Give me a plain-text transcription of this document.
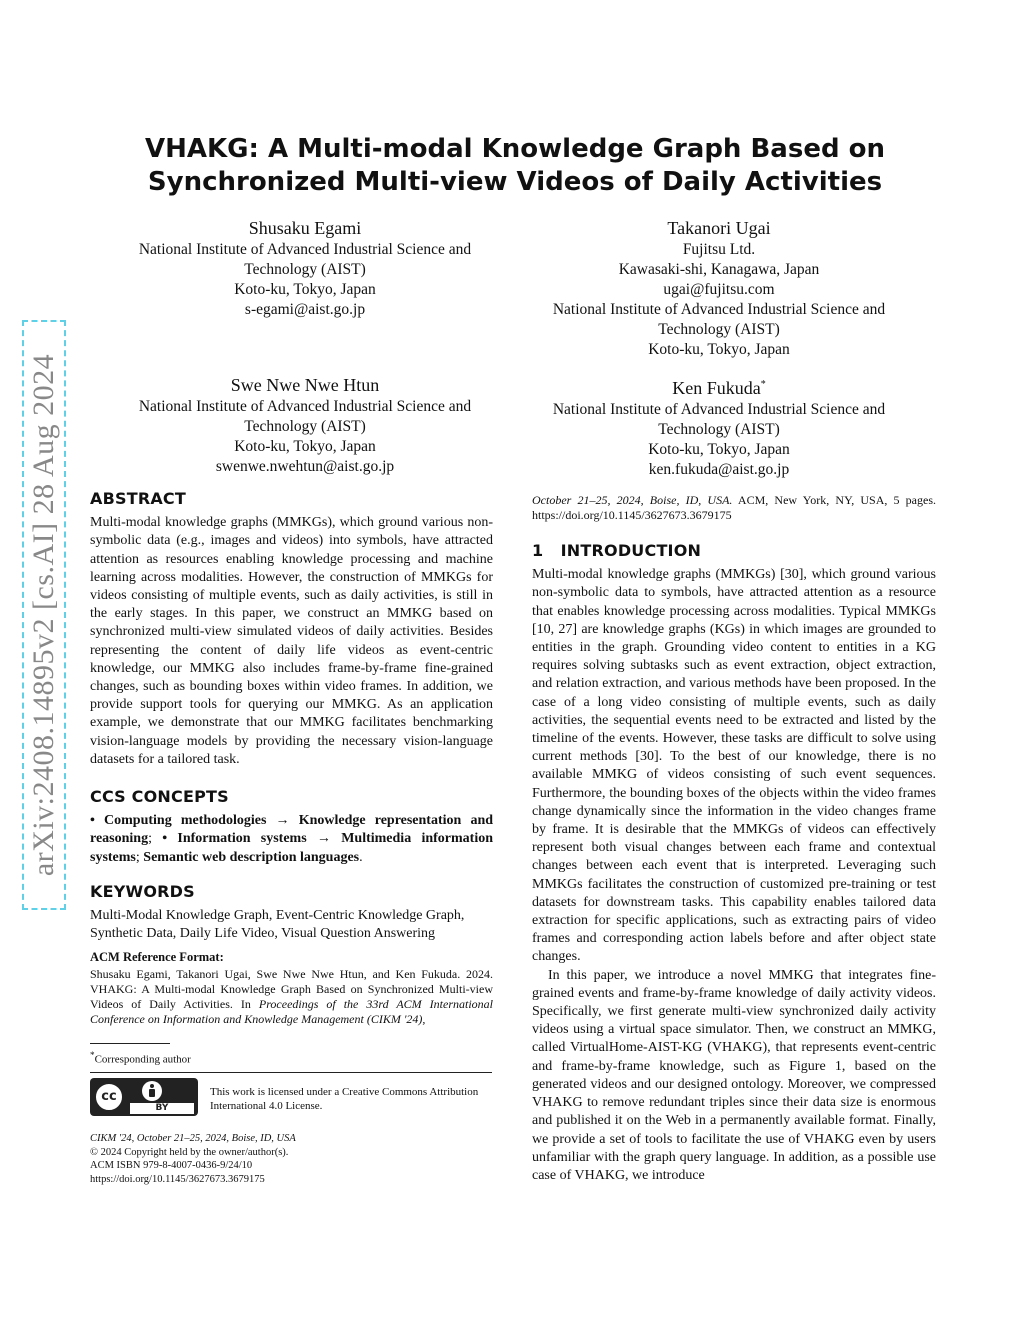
arXiv:2408.14895v2 [cs.AI] 28 Aug 2024
VHAKG: A Multi-modal Knowledge Graph Based on
Synchronized Multi-view Videos of Daily Activities
Shusaku Egami
National Institute of Advanced Industrial Science and
Technology (AIST)
Koto-ku, Tokyo, Japan
s-egami@aist.go.jp
Takanori Ugai
Fujitsu Ltd.
Kawasaki-shi, Kanagawa, Japan
ugai@fujitsu.com
National Institute of Advanced Industrial Science and
Technology (AIST)
Koto-ku, Tokyo, Japan
Swe Nwe Nwe Htun
National Institute of Advanced Industrial Science and
Technology (AIST)
Koto-ku, Tokyo, Japan
swenwe.nwehtun@aist.go.jp
Ken Fukuda*
National Institute of Advanced Industrial Science and
Technology (AIST)
Koto-ku, Tokyo, Japan
ken.fukuda@aist.go.jp
ABSTRACT

Multi-modal knowledge graphs (MMKGs), which ground various non-symbolic data (e.g., images and videos) into symbols, have attracted attention as resources enabling knowledge processing and machine learning across modalities. However, the construction of MMKGs for videos consisting of multiple events, such as daily activities, is still in the early stages. In this paper, we construct an MMKG based on synchronized multi-view simulated videos of daily activities. Besides representing the content of daily life videos as event-centric knowledge, our MMKG also includes frame-by-frame fine-grained changes, such as bounding boxes within video frames. In addition, we provide support tools for querying our MMKG. As an application example, we demonstrate that our MMKG facilitates benchmarking vision-language models by providing the necessary vision-language datasets for a tailored task.

CCS CONCEPTS

• Computing methodologies → Knowledge representation and reasoning; • Information systems → Multimedia information systems; Semantic web description languages.

KEYWORDS

Multi-Modal Knowledge Graph, Event-Centric Knowledge Graph, Synthetic Data, Daily Life Video, Visual Question Answering

ACM Reference Format:

Shusaku Egami, Takanori Ugai, Swe Nwe Nwe Htun, and Ken Fukuda. 2024. VHAKG: A Multi-modal Knowledge Graph Based on Synchronized Multi-view Videos of Daily Activities. In Proceedings of the 33rd ACM International Conference on Information and Knowledge Management (CIKM '24),

*Corresponding author
cc
BY
This work is licensed under a Creative Commons Attribution International 4.0 License.
CIKM '24, October 21–25, 2024, Boise, ID, USA
© 2024 Copyright held by the owner/author(s).
ACM ISBN 979-8-4007-0436-9/24/10
https://doi.org/10.1145/3627673.3679175

October 21–25, 2024, Boise, ID, USA. ACM, New York, NY, USA, 5 pages. https://doi.org/10.1145/3627673.3679175

1   INTRODUCTION

Multi-modal knowledge graphs (MMKGs) [30], which ground various non-symbolic data to symbols, have attracted attention as a resource that enables knowledge processing across modalities. Typical MMKGs [10, 27] are knowledge graphs (KGs) in which images are grounded to entities in the graph. Grounding video content to entities in a KG requires solving subtasks such as event extraction, object extraction, and relation extraction, and various methods have been proposed. In the case of a long video consisting of multiple events, such as daily activities, the sequential events need to be extracted and listed by the timeline of the events. However, these tasks are difficult to solve using current methods [30]. To the best of our knowledge, there is no available MMKG of videos consisting of such event sequences. Furthermore, the bounding boxes of the objects within the video frames change dynamically since the information in the video changes frame by frame. It is desirable that the MMKGs of videos can effectively represent both visual changes between each frame and contextual changes between each event that is interpreted. Leveraging such MMKGs facilitates the construction of customized pre-training or test datasets for downstream tasks. This capability enables tailored data extraction for specific applications, such as extracting pairs of video frames and corresponding action labels before and after object state changes.

In this paper, we introduce a novel MMKG that integrates fine-grained events and frame-by-frame knowledge of daily activity videos. Specifically, we first generate multi-view synchronized daily activity videos using a virtual space simulator. Then, we construct an MMKG, called VirtualHome-AIST-KG (VHAKG), that represents event-centric and frame-by-frame knowledge, such as Figure 1, based on the generated videos and our designed ontology. Moreover, we compressed VHAKG to remove redundant triples since their data size is enormous and published it on the Web in a permanently available format. Finally, we provide a set of tools to facilitate the use of VHAKG even by users unfamiliar with the graph query language. In addition, as a possible use case of VHAKG, we introduce
